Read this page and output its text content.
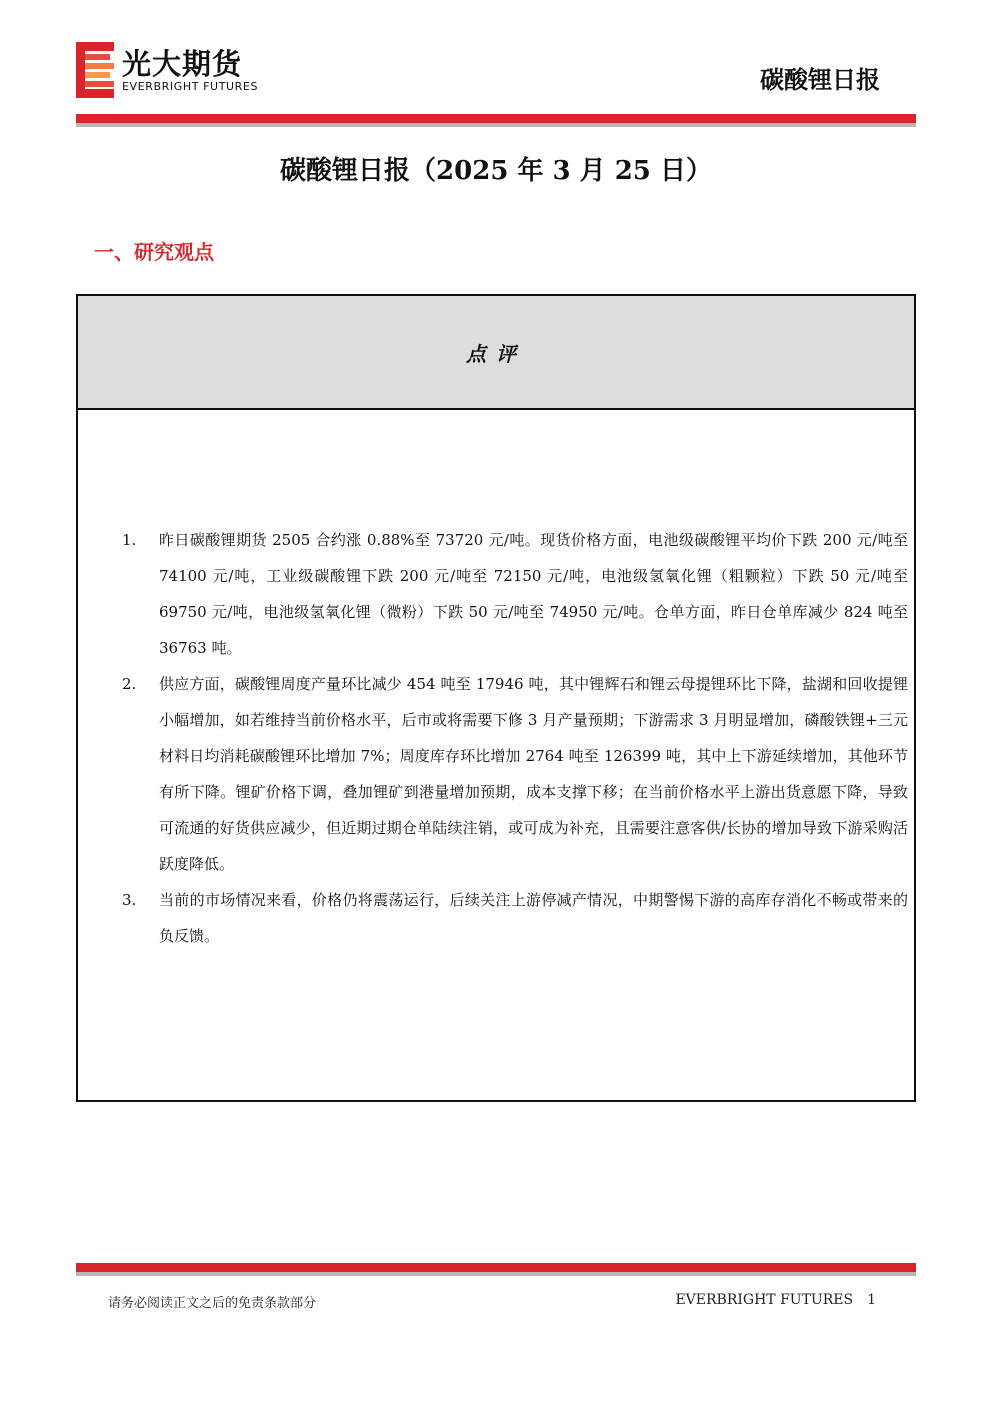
光大期货
EVERBRIGHT FUTURES	碳酸锂日报
碳酸锂日报（2025 年 3 月 25 日）
一、研究观点
点评
1. 昨日碳酸锂期货 2505 合约涨 0.88%至 73720 元/吨。现货价格方面，电池级碳酸锂平均价下跌 200 元/吨至 74100 元/吨，工业级碳酸锂下跌 200 元/吨至 72150 元/吨，电池级氢氧化锂（粗颗粒）下跌 50 元/吨至 69750 元/吨，电池级氢氧化锂（微粉）下跌 50 元/吨至 74950 元/吨。仓单方面，昨日仓单库减少 824 吨至 36763 吨。
2. 供应方面，碳酸锂周度产量环比减少 454 吨至 17946 吨，其中锂辉石和锂云母提锂环比下降，盐湖和回收提锂小幅增加，如若维持当前价格水平，后市或将需要下修 3 月产量预期；下游需求 3 月明显增加，磷酸铁锂+三元材料日均消耗碳酸锂环比增加 7%；周度库存环比增加 2764 吨至 126399 吨，其中上下游延续增加，其他环节有所下降。锂矿价格下调，叠加锂矿到港量增加预期，成本支撑下移；在当前价格水平上游出货意愿下降，导致可流通的好货供应减少，但近期过期仓单陆续注销，或可成为补充，且需要注意客供/长协的增加导致下游采购活跃度降低。
3. 当前的市场情况来看，价格仍将震荡运行，后续关注上游停减产情况，中期警惕下游的高库存消化不畅或带来的负反馈。
请务必阅读正文之后的免责条款部分	EVERBRIGHT FUTURES 1
